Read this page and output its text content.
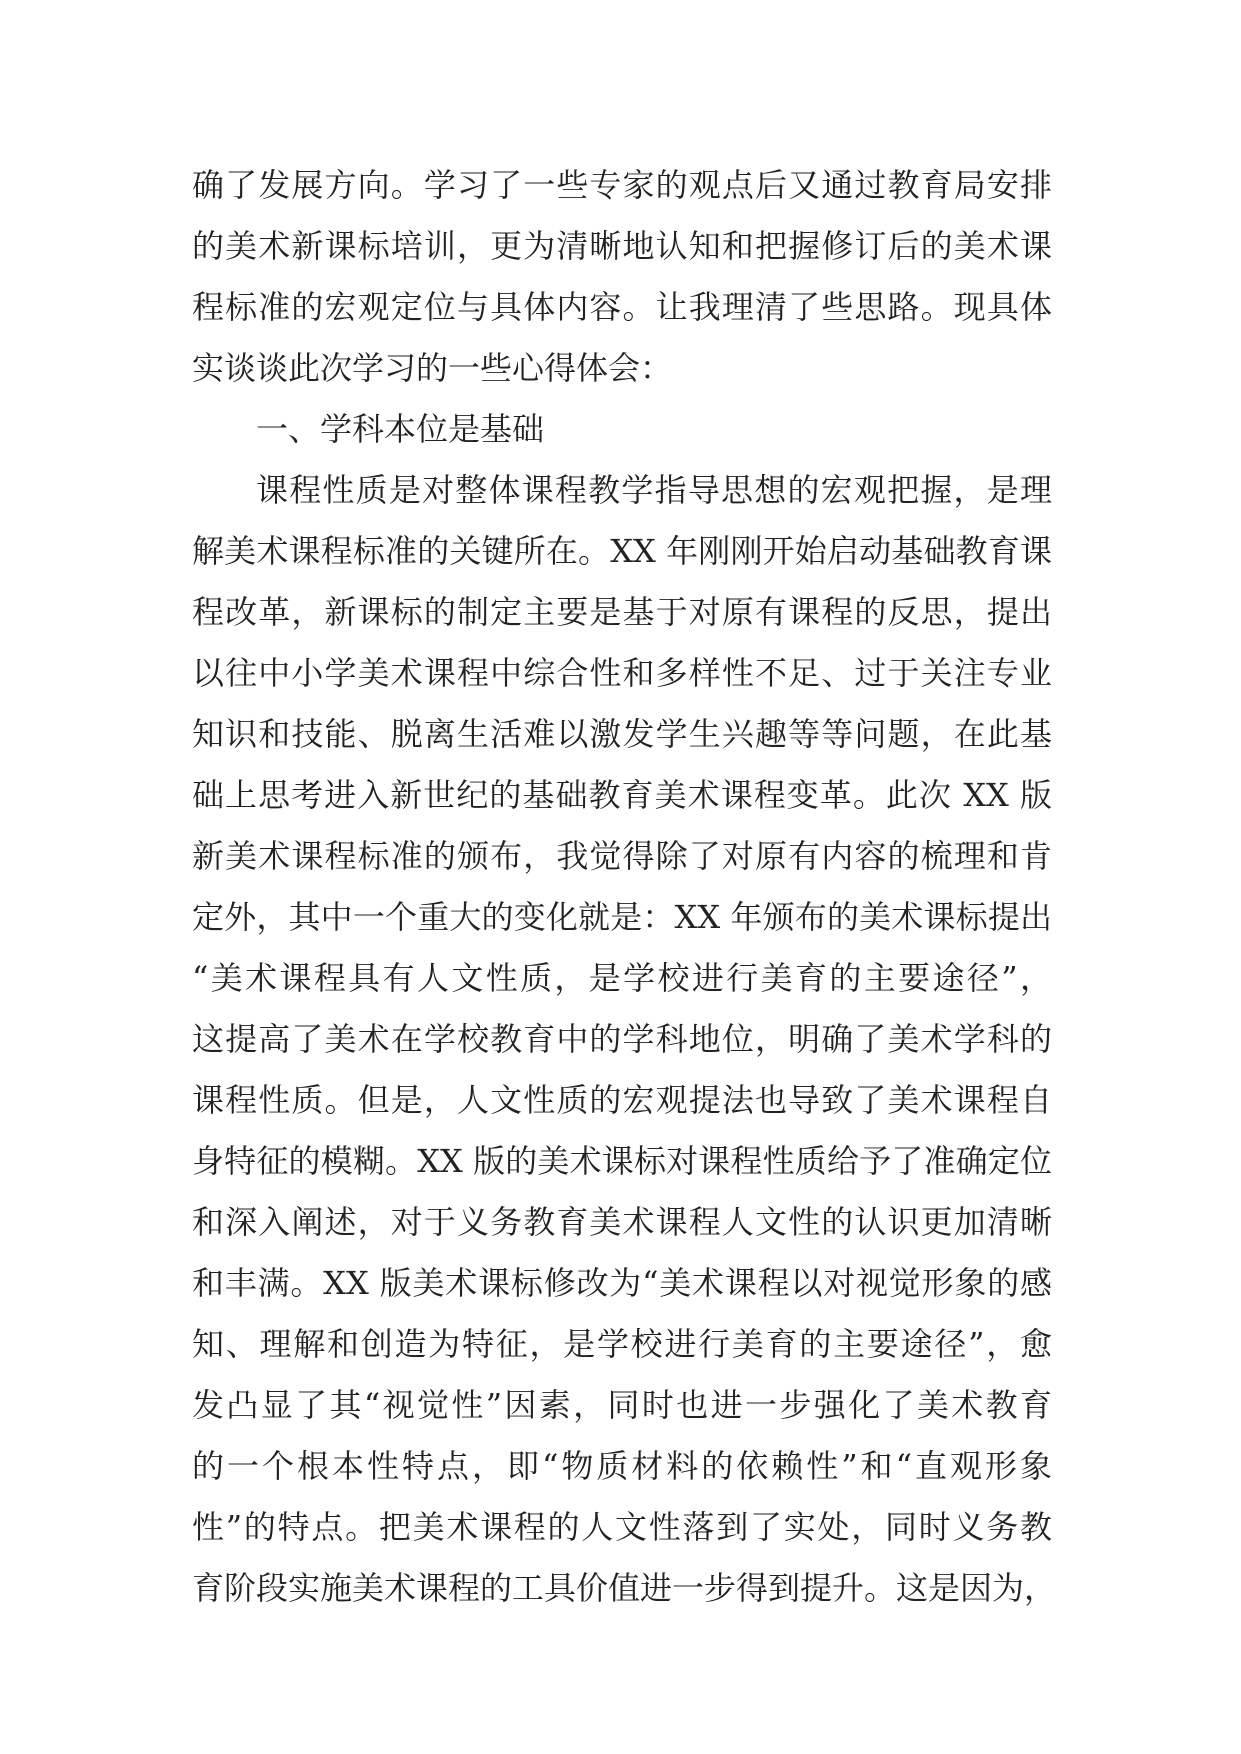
确了发展方向。学习了一些专家的观点后又通过教育局安排
的美术新课标培训，更为清晰地认知和把握修订后的美术课
程标准的宏观定位与具体内容。让我理清了些思路。现具体
实谈谈此次学习的一些心得体会：
一、学科本位是基础
课程性质是对整体课程教学指导思想的宏观把握，是理
解美术课程标准的关键所在。XX 年刚刚开始启动基础教育课
程改革，新课标的制定主要是基于对原有课程的反思，提出
以往中小学美术课程中综合性和多样性不足、过于关注专业
知识和技能、脱离生活难以激发学生兴趣等等问题，在此基
础上思考进入新世纪的基础教育美术课程变革。此次 XX 版
新美术课程标准的颁布，我觉得除了对原有内容的梳理和肯
定外，其中一个重大的变化就是：XX 年颁布的美术课标提出
“美术课程具有人文性质，是学校进行美育的主要途径”，
这提高了美术在学校教育中的学科地位，明确了美术学科的
课程性质。但是，人文性质的宏观提法也导致了美术课程自
身特征的模糊。XX 版的美术课标对课程性质给予了准确定位
和深入阐述，对于义务教育美术课程人文性的认识更加清晰
和丰满。XX 版美术课标修改为“美术课程以对视觉形象的感
知、理解和创造为特征，是学校进行美育的主要途径”，愈
发凸显了其“视觉性”因素，同时也进一步强化了美术教育
的一个根本性特点，即“物质材料的依赖性”和“直观形象
性”的特点。把美术课程的人文性落到了实处，同时义务教
育阶段实施美术课程的工具价值进一步得到提升。这是因为，
